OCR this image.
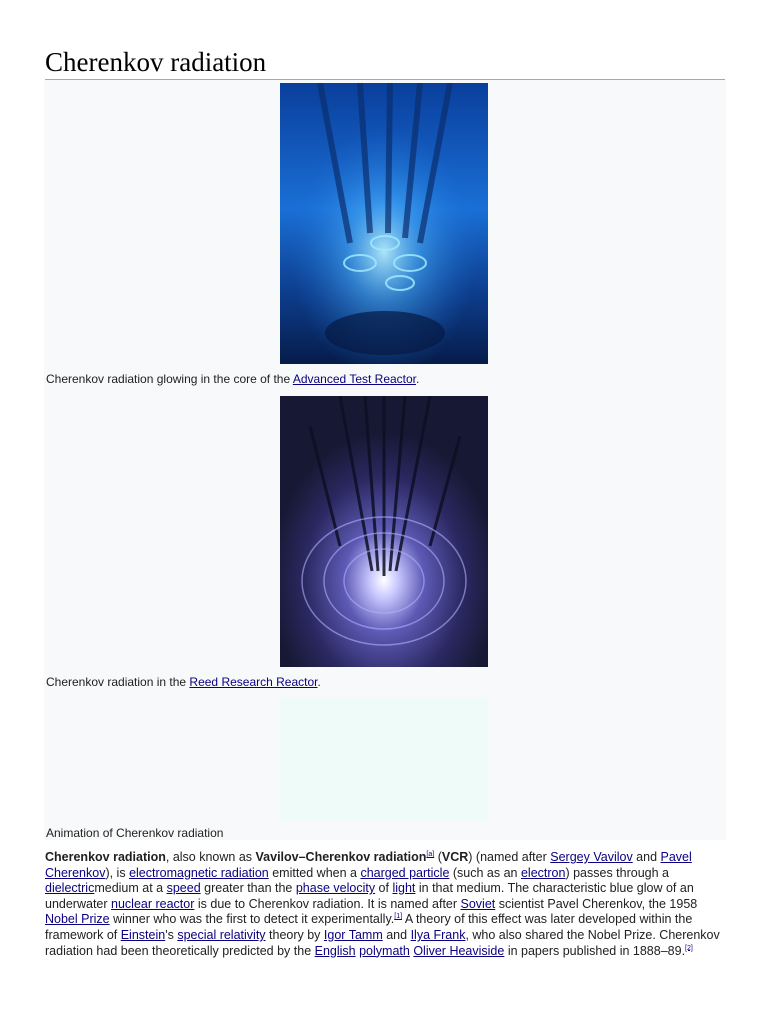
Cherenkov radiation
Cherenkov radiation glowing in the core of the Advanced Test Reactor.
Cherenkov radiation in the Reed Research Reactor.
Animation of Cherenkov radiation

Cherenkov radiation, also known as Vavilov–Cherenkov radiation[a] (VCR) (named after Sergey Vavilov and Pavel Cherenkov), is electromagnetic radiation emitted when a charged particle (such as an electron) passes through a dielectricmedium at a speed greater than the phase velocity of light in that medium. The characteristic blue glow of an underwater nuclear reactor is due to Cherenkov radiation. It is named after Soviet scientist Pavel Cherenkov, the 1958 Nobel Prize winner who was the first to detect it experimentally.[1] A theory of this effect was later developed within the framework of Einstein's special relativity theory by Igor Tamm and Ilya Frank, who also shared the Nobel Prize. Cherenkov radiation had been theoretically predicted by the English polymath Oliver Heaviside in papers published in 1888–89.[2]
